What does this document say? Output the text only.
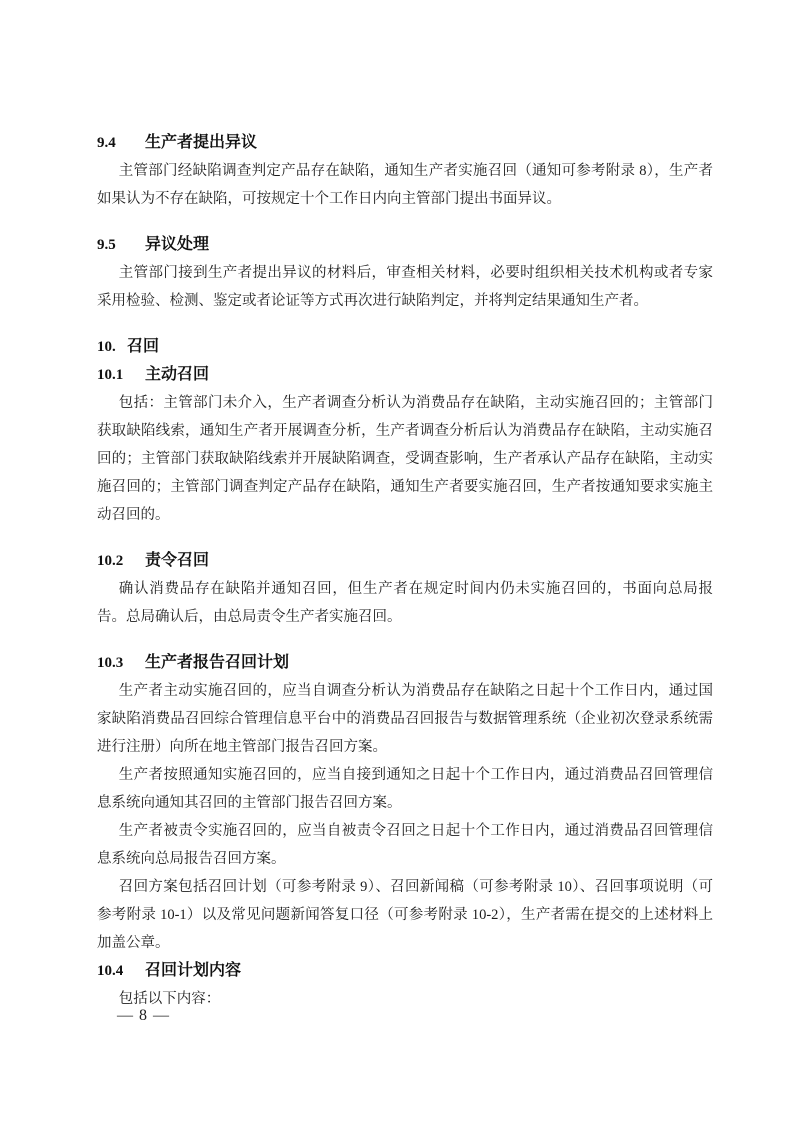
9.4 生产者提出异议

主管部门经缺陷调查判定产品存在缺陷，通知生产者实施召回（通知可参考附录 8），生产者如果认为不存在缺陷，可按规定十个工作日内向主管部门提出书面异议。

9.5 异议处理

主管部门接到生产者提出异议的材料后，审查相关材料，必要时组织相关技术机构或者专家采用检验、检测、鉴定或者论证等方式再次进行缺陷判定，并将判定结果通知生产者。

10. 召回
10.1 主动召回

包括：主管部门未介入，生产者调查分析认为消费品存在缺陷，主动实施召回的；主管部门获取缺陷线索，通知生产者开展调查分析，生产者调查分析后认为消费品存在缺陷，主动实施召回的；主管部门获取缺陷线索并开展缺陷调查，受调查影响，生产者承认产品存在缺陷，主动实施召回的；主管部门调查判定产品存在缺陷，通知生产者要实施召回，生产者按通知要求实施主动召回的。

10.2 责令召回

确认消费品存在缺陷并通知召回，但生产者在规定时间内仍未实施召回的，书面向总局报告。总局确认后，由总局责令生产者实施召回。

10.3 生产者报告召回计划

生产者主动实施召回的，应当自调查分析认为消费品存在缺陷之日起十个工作日内，通过国家缺陷消费品召回综合管理信息平台中的消费品召回报告与数据管理系统（企业初次登录系统需进行注册）向所在地主管部门报告召回方案。

生产者按照通知实施召回的，应当自接到通知之日起十个工作日内，通过消费品召回管理信息系统向通知其召回的主管部门报告召回方案。

生产者被责令实施召回的，应当自被责令召回之日起十个工作日内，通过消费品召回管理信息系统向总局报告召回方案。

召回方案包括召回计划（可参考附录 9）、召回新闻稿（可参考附录 10）、召回事项说明（可参考附录 10-1）以及常见问题新闻答复口径（可参考附录 10-2），生产者需在提交的上述材料上加盖公章。

10.4 召回计划内容

包括以下内容：

— 8 —
